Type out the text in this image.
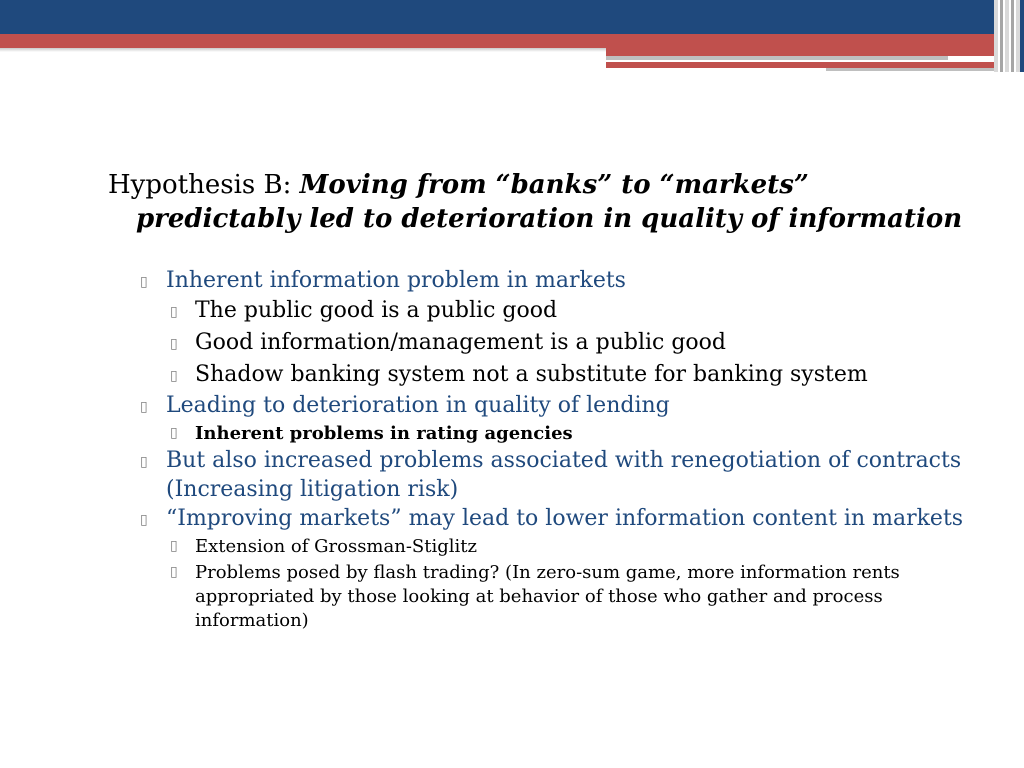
Hypothesis B: Moving from “banks” to “markets” predictably led to deterioration in quality of information

▯ Inherent information problem in markets
▯ The public good is a public good
▯ Good information/management is a public good
▯ Shadow banking system not a substitute for banking system
▯ Leading to deterioration in quality of lending
▯ Inherent problems in rating agencies
▯ But also increased problems associated with renegotiation of contracts (Increasing litigation risk)
▯ “Improving markets” may lead to lower information content in markets
▯ Extension of Grossman-Stiglitz
▯ Problems posed by flash trading? (In zero-sum game, more information rents appropriated by those looking at behavior of those who gather and process information)
